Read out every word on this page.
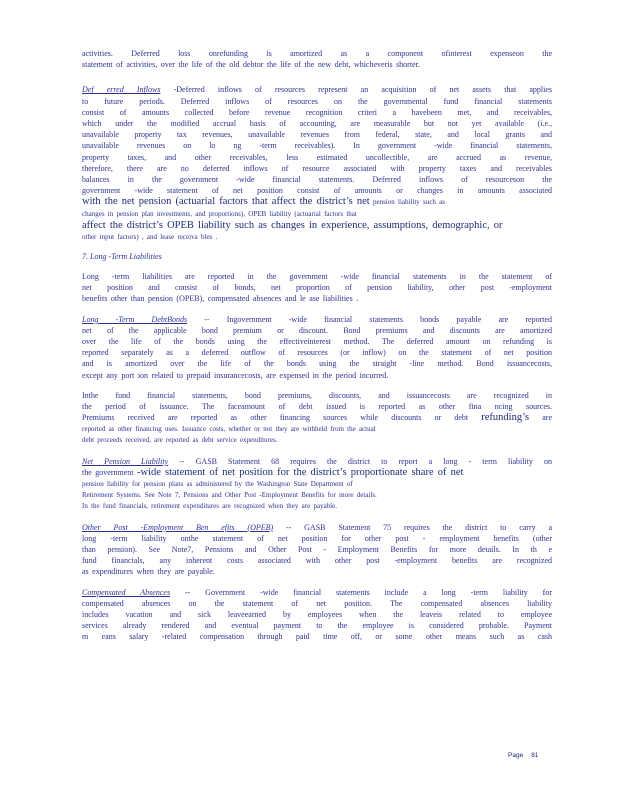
activities. Deferred loss onrefunding is amortized as a component ofinterest expenseon the
statement of activities, over the life of the old debtor the life of the new debt, whicheveris shorter.

Def erred Inflows -Deferred inflows of resources represent an acquisition of net assets that applies
to future periods. Deferred inflows of resources on the governmental fund financial statements
consist of amounts collected before revenue recognition criteri a havebeen met, and receivables,
which under the modified accrual basis of accounting, are measurable but not yet available (i.e.,
unavailable property tax revenues, unavailable revenues from federal, state, and local grants and
unavailable revenues on lo ng -term receivables). In government -wide financial statements,
property taxes, and other receivables, less estimated uncollectible, are accrued as revenue,
therefore, there are no deferred inflows of resource associated with property taxes and receivables
balances in the government -wide financial statements. Deferred inflows of resourceson the
government -wide statement of net position consist of amounts or changes in amounts associated
with the net pension (actuarial factors that affect the district’s net pension liability such as
changes in pension plan investments, and proportions), OPEB liability (actuarial factors that
affect the district’s OPEB liability such as changes in experience, assumptions, demographic, or
other input factors) , and lease receiva bles .

7. Long -Term Liabilities

Long -term liabilities are reported in the government -wide financial statements in the statement of
net position and consist of bonds, net proportion of pension liability, other post -employment
benefits other than pension (OPEB), compensated absences and le ase liabilities .

Long -Term DebtBonds -- Ingovernment -wide financial statements bonds payable are reported
net of the applicable bond premium or discount. Bond premiums and discounts are amortized
over the life of the bonds using the effectiveinterest method. The deferred amount on refunding is
reported separately as a deferred outflow of resources (or inflow) on the statement of net position
and is amortized over the life of the bonds using the straight -line method. Bond issuancecosts,
except any port ion related to prepaid insurancecosts, are expensed in the period incurred.

Inthe fund financial statements, bond premiums, discounts, and issuancecosts are recognized in
the period of issuance. The faceamount of debt issued is reported as other fina ncing sources.
Premiums received are reported as other financing sources while discounts or debt refunding’s are
reported as other financing uses. Issuance costs, whether or not they are withheld from the actual
debt proceeds received, are reported as debt service expenditures.

Net Pension Liability -- GASB Statement 68 requires the district to report a long - term liability on
the government -wide statement of net position for the district’s proportionate share of net
pension liability for pension plans as administered by the Washington State Department of
Retirement Systems. See Note 7, Pensions and Other Post -Employment Benefits for more details.
In the fund financials, retirement expenditures are recognized when they are payable.

Other Post -Employment Ben efits (OPEB) -- GASB Statement 75 requires the district to carry a
long -term liability onthe statement of net position for other post - employment benefits (other
than pension). See Note7, Pensions and Other Post - Employment Benefits for more details. In th e
fund financials, any inherent costs associated with other post -employment benefits are recognized
as expenditures when they are payable.

Compensated Absences -- Government -wide financial statements include a long -term liability for
compensated absences on the statement of net position. The compensated absences liability
includes vacation and sick leaveearned by employees when the leaveis related to employee
services already rendered and eventual payment to the employee is considered probable. Payment
m eans salary -related compensation through paid time off, or some other means such as cash

Page 81
